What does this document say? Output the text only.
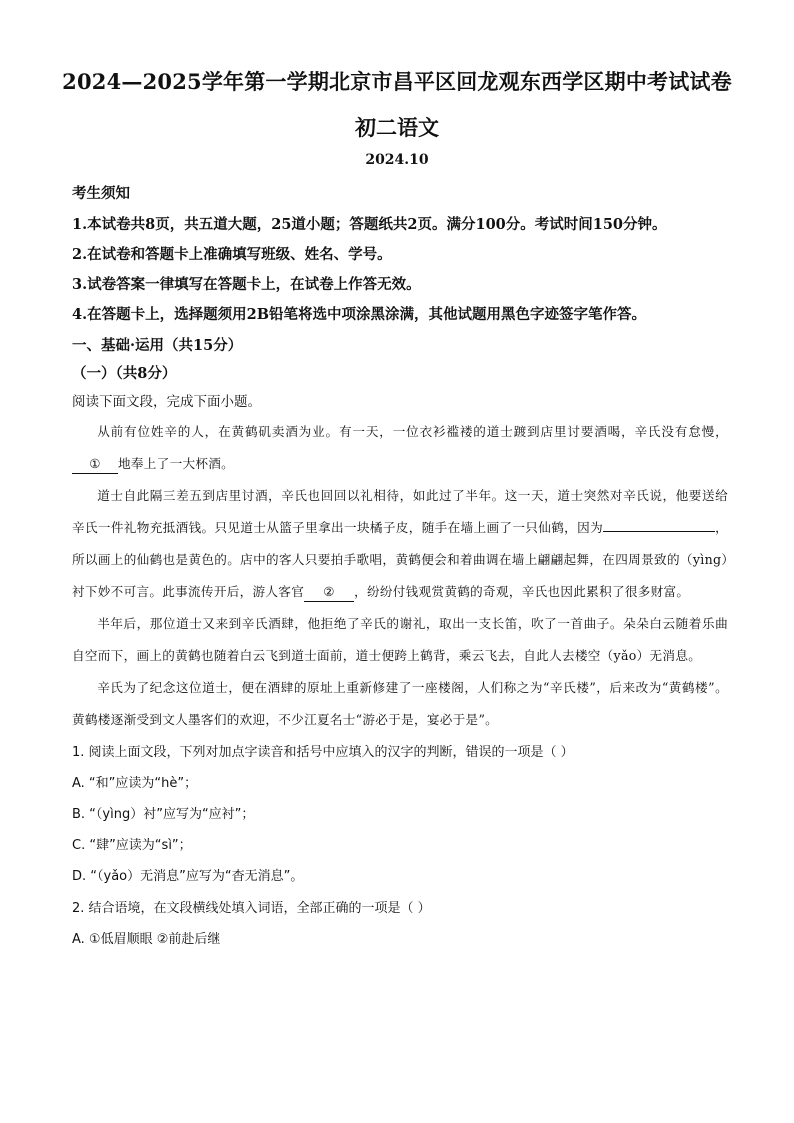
2024—2025学年第一学期北京市昌平区回龙观东西学区期中考试试卷
初二语文
2024.10
考生须知
1.本试卷共8页，共五道大题，25道小题；答题纸共2页。满分100分。考试时间150分钟。
2.在试卷和答题卡上准确填写班级、姓名、学号。
3.试卷答案一律填写在答题卡上，在试卷上作答无效。
4.在答题卡上，选择题须用2B铅笔将选中项涂黑涂满，其他试题用黑色字迹签字笔作答。
一、基础·运用（共15分）
（一）（共8分）
阅读下面文段，完成下面小题。

从前有位姓辛的人，在黄鹤矶卖酒为业。有一天，一位衣衫褴褛的道士踱到店里讨要酒喝，辛氏没有怠慢，① 地奉上了一大杯酒。

道士自此隔三差五到店里讨酒，辛氏也回回以礼相待，如此过了半年。这一天，道士突然对辛氏说，他要送给辛氏一件礼物充抵酒钱。只见道士从篮子里拿出一块橘子皮，随手在墙上画了一只仙鹤，因为	，所以画上的仙鹤也是黄色的。店中的客人只要拍手歌唱，黄鹤便会和着曲调在墙上翩翩起舞，在四周景致的（yìng）衬下妙不可言。此事流传开后，游人客官 ② ，纷纷付钱观赏黄鹤的奇观，辛氏也因此累积了很多财富。

半年后，那位道士又来到辛氏酒肆，他拒绝了辛氏的谢礼，取出一支长笛，吹了一首曲子。朵朵白云随着乐曲自空而下，画上的黄鹤也随着白云飞到道士面前，道士便跨上鹤背，乘云飞去，自此人去楼空（yǎo）无消息。

辛氏为了纪念这位道士，便在酒肆的原址上重新修建了一座楼阁，人们称之为“辛氏楼”，后来改为“黄鹤楼”。黄鹤楼逐渐受到文人墨客们的欢迎，不少江夏名士“游必于是，宴必于是”。

1. 阅读上面文段，下列对加点字读音和括号中应填入的汉字的判断，错误的一项是（ ）
A. “和”应读为“hè”；
B. “（yìng）衬”应写为“应衬”；
C. “肆”应读为“sì”；
D. “（yǎo）无消息”应写为“杳无消息”。
2. 结合语境，在文段横线处填入词语，全部正确的一项是（ ）
A. ①低眉顺眼 ②前赴后继
